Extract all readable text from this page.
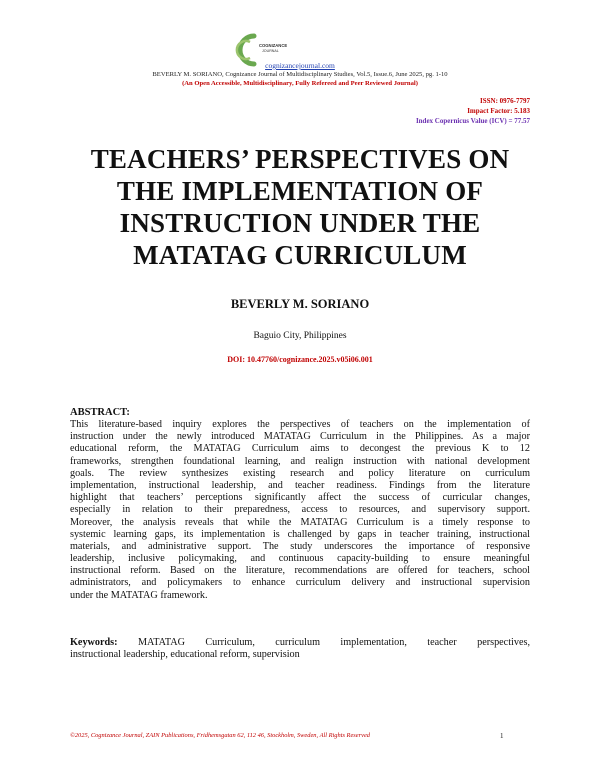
COGNIZANCE
JOURNAL
cognizancejournal.com
BEVERLY M. SORIANO, Cognizance Journal of Multidisciplinary Studies, Vol.5, Issue.6, June 2025, pg. 1-10
(An Open Accessible, Multidisciplinary, Fully Refereed and Peer Reviewed Journal)
ISSN: 0976-7797
Impact Factor: 5.183
Index Copernicus Value (ICV) = 77.57
TEACHERS’ PERSPECTIVES ON
THE IMPLEMENTATION OF
INSTRUCTION UNDER THE
MATATAG CURRICULUM
BEVERLY M. SORIANO
Baguio City, Philippines
DOI: 10.47760/cognizance.2025.v05i06.001
ABSTRACT:
This literature-based inquiry explores the perspectives of teachers on the implementation of
instruction under the newly introduced MATATAG Curriculum in the Philippines. As a major
educational reform, the MATATAG Curriculum aims to decongest the previous K to 12
frameworks, strengthen foundational learning, and realign instruction with national development
goals. The review synthesizes existing research and policy literature on curriculum
implementation, instructional leadership, and teacher readiness. Findings from the literature
highlight that teachers’ perceptions significantly affect the success of curricular changes,
especially in relation to their preparedness, access to resources, and supervisory support.
Moreover, the analysis reveals that while the MATATAG Curriculum is a timely response to
systemic learning gaps, its implementation is challenged by gaps in teacher training, instructional
materials, and administrative support. The study underscores the importance of responsive
leadership, inclusive policymaking, and continuous capacity-building to ensure meaningful
instructional reform. Based on the literature, recommendations are offered for teachers, school
administrators, and policymakers to enhance curriculum delivery and instructional supervision
under the MATATAG framework.
Keywords: MATATAG Curriculum, curriculum implementation, teacher perspectives,
instructional leadership, educational reform, supervision
©2025, Cognizance Journal, ZAIN Publications, Fridhemsgatan 62, 112 46, Stockholm, Sweden, All Rights Reserved	1
